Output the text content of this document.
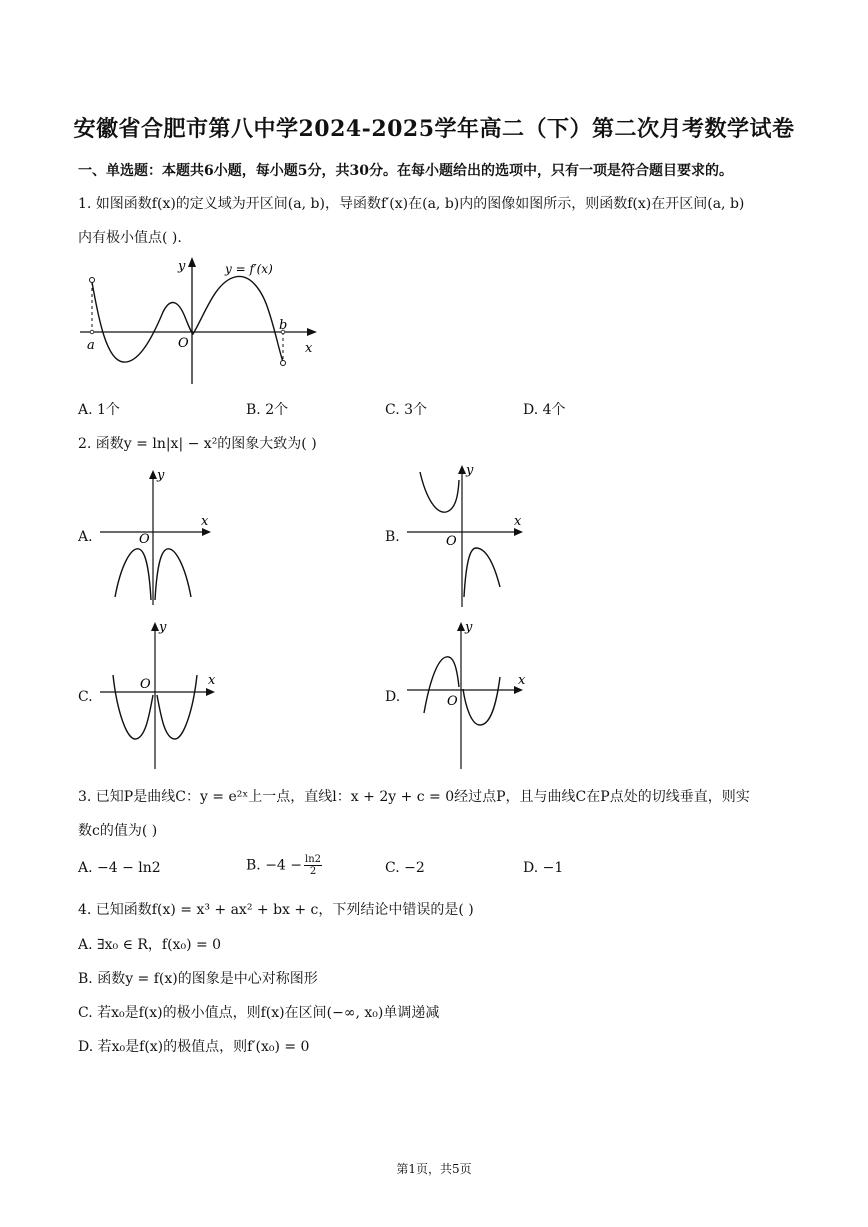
安徽省合肥市第八中学2024-2025学年高二（下）第二次月考数学试卷
一、单选题：本题共6小题，每小题5分，共30分。在每小题给出的选项中，只有一项是符合题目要求的。
1. 如图函数f(x)的定义域为开区间(a, b)，导函数f′(x)在(a, b)内的图像如图所示，则函数f(x)在开区间(a, b)
内有极小值点( ).
y	y = f′(x)
a
b
O	x
A. 1个	B. 2个	C. 3个	D. 4个
2. 函数y = ln|x| − x²的图象大致为( )
A.	O
x
y
B.	O
x
y
C.
O	x
y
D.	O
x
y
3. 已知P是曲线C：y = e²ˣ上一点，直线l：x + 2y + c = 0经过点P，且与曲线C在P点处的切线垂直，则实
数c的值为( )
A. −4 − ln2	B. $-4 - \frac{\ln 2}{2}$	C. −2	D. −1
4. 已知函数f(x) = x³ + ax² + bx + c，下列结论中错误的是( )
A. ∃x₀ ∈ R，f(x₀) = 0
B. 函数y = f(x)的图象是中心对称图形
C. 若x₀是f(x)的极小值点，则f(x)在区间(−∞, x₀)单调递减
D. 若x₀是f(x)的极值点，则f′(x₀) = 0
第1页，共5页
